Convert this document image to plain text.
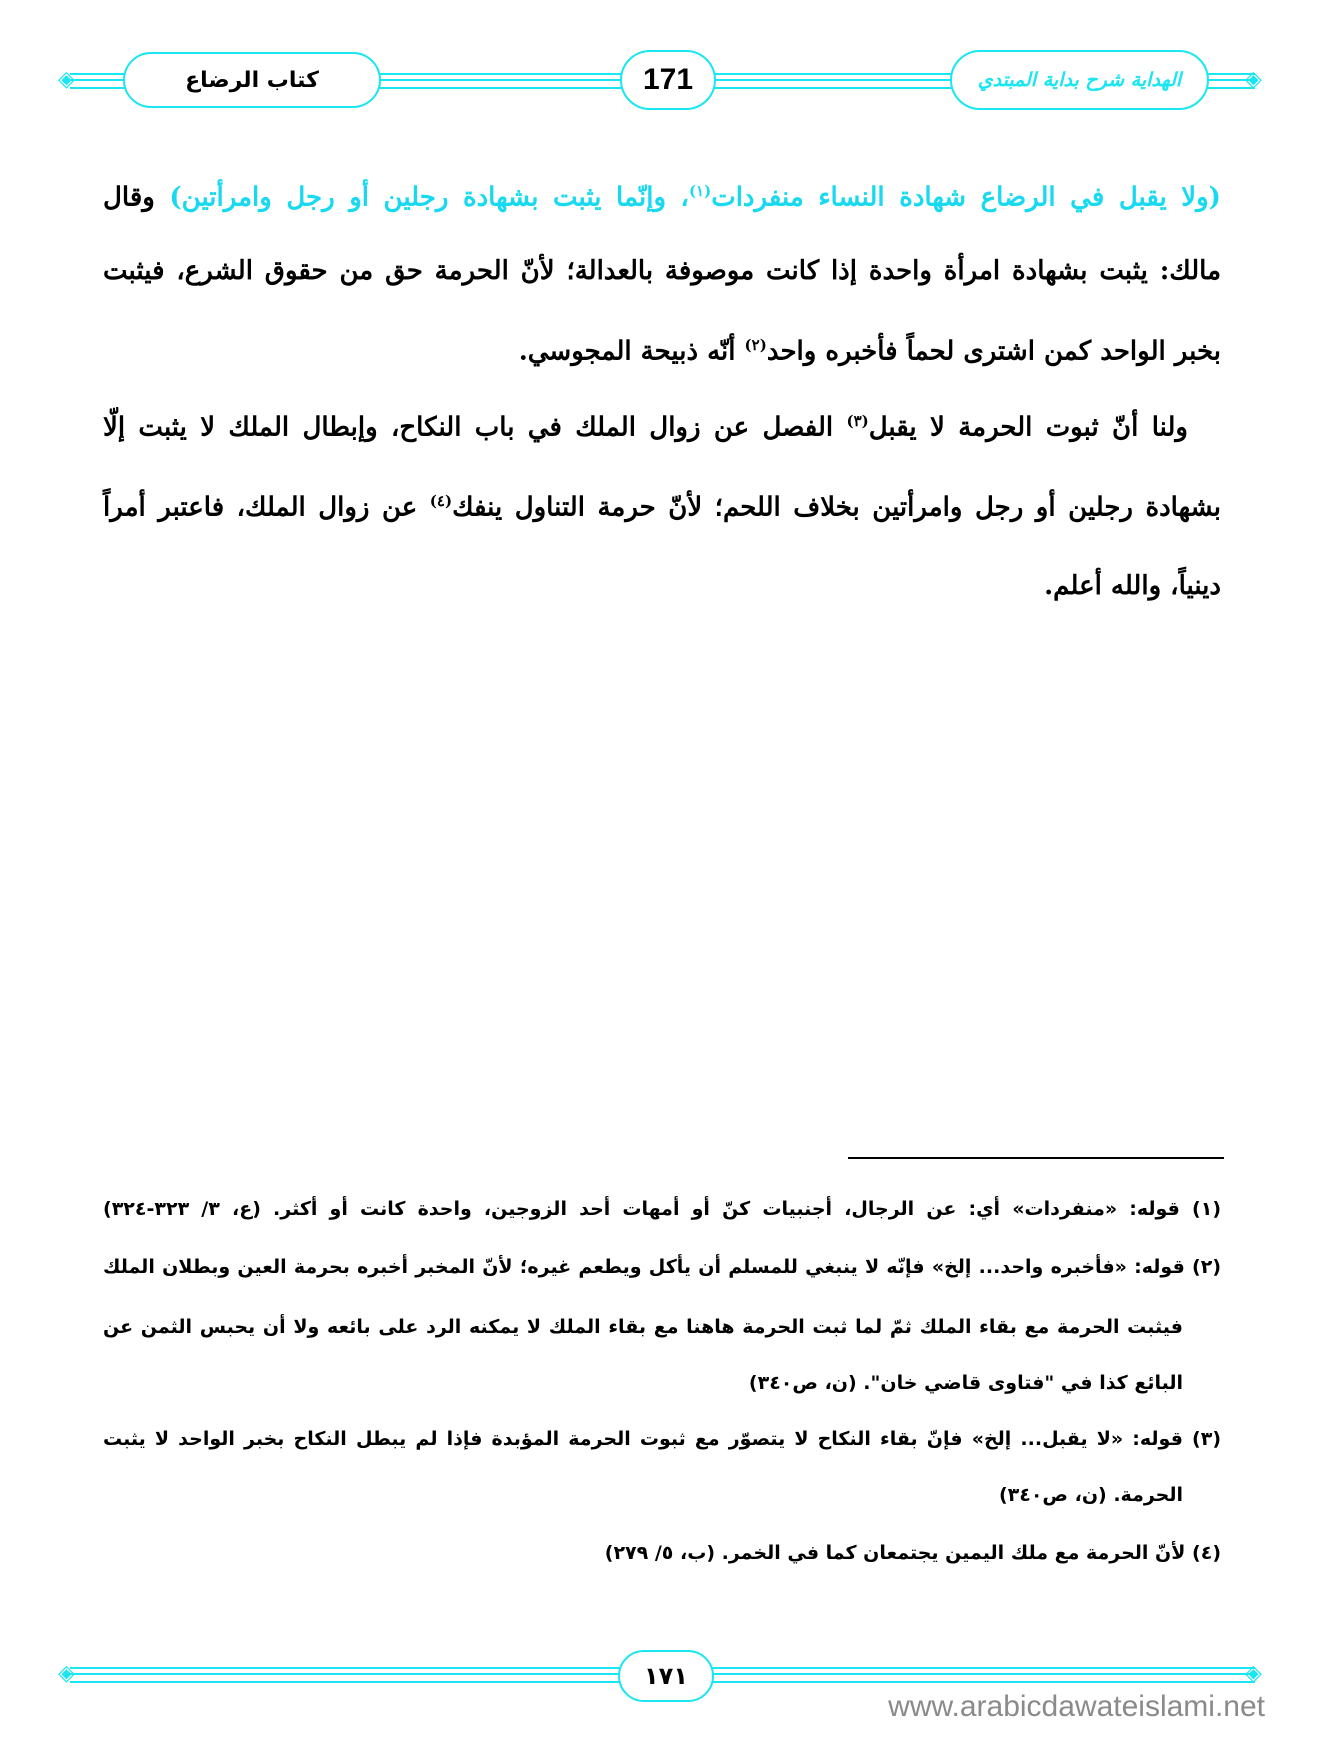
◈	◈
كتاب الرضاع	171	الهداية شرح بداية المبتدي
(ولا يقبل في الرضاع شهادة النساء منفردات$^{(١)}$، وإنّما يثبت بشهادة رجلين أو رجل وامرأتين) وقال
مالك: يثبت بشهادة امرأة واحدة إذا كانت موصوفة بالعدالة؛ لأنّ الحرمة حق من حقوق الشرع، فيثبت
بخبر الواحد كمن اشترى لحماً فأخبره واحد$^{(٢)}$ أنّه ذبيحة المجوسي.
ولنا أنّ ثبوت الحرمة لا يقبل$^{(٣)}$ الفصل عن زوال الملك في باب النكاح، وإبطال الملك لا يثبت إلّا
بشهادة رجلين أو رجل وامرأتين بخلاف اللحم؛ لأنّ حرمة التناول ينفك$^{(٤)}$ عن زوال الملك، فاعتبر أمراً
دينياً، والله أعلم.
(١) قوله: «منفردات» أي: عن الرجال، أجنبيات كنّ أو أمهات أحد الزوجين، واحدة كانت أو أكثر. (ع، ٣/ ٣٢٣-٣٢٤)
(٢) قوله: «فأخبره واحد... إلخ» فإنّه لا ينبغي للمسلم أن يأكل ويطعم غيره؛ لأنّ المخبر أخبره بحرمة العين وبطلان الملك
فيثبت الحرمة مع بقاء الملك ثمّ لما ثبت الحرمة هاهنا مع بقاء الملك لا يمكنه الرد على بائعه ولا أن يحبس الثمن عن
البائع كذا في "فتاوى قاضي خان". (ن، ص٣٤٠)
(٣) قوله: «لا يقبل... إلخ» فإنّ بقاء النكاح لا يتصوّر مع ثبوت الحرمة المؤبدة فإذا لم يبطل النكاح بخبر الواحد لا يثبت
الحرمة. (ن، ص٣٤٠)
(٤) لأنّ الحرمة مع ملك اليمين يجتمعان كما في الخمر. (ب، ٥/ ٢٧٩)
◈	◈
١٧١
www.arabicdawateislami.net
